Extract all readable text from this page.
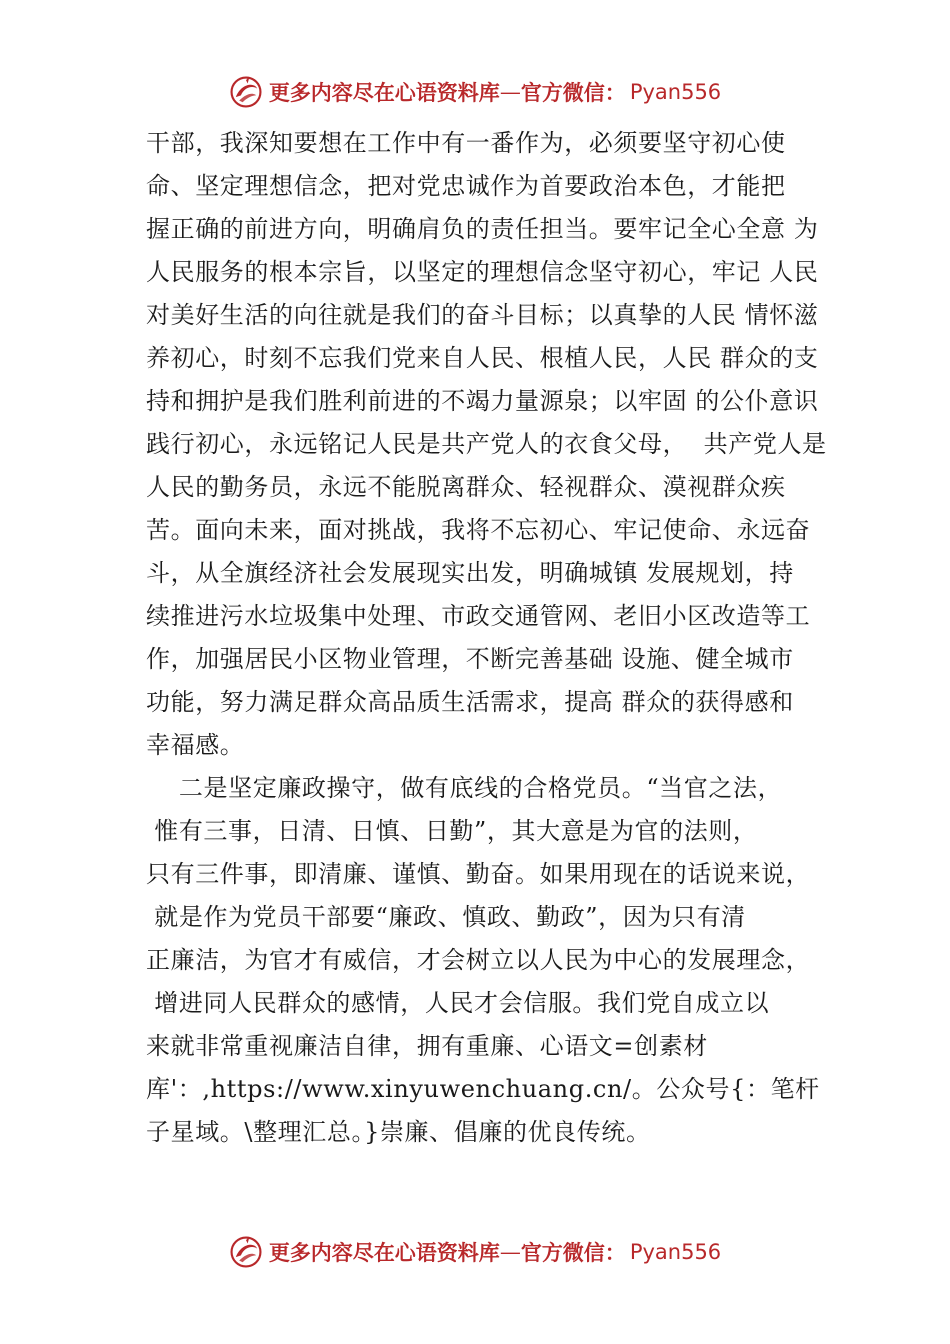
更多内容尽在心语资料库 — 官方微信： Pyan556
干部，我深知要想在工作中有一番作为，必须要坚守初心使
命、坚定理想信念，把对党忠诚作为首要政治本色，才能把
握正确的前进方向，明确肩负的责任担当。要牢记全心全意 为
人民服务的根本宗旨，以坚定的理想信念坚守初心，牢记 人民
对美好生活的向往就是我们的奋斗目标；以真挚的人民 情怀滋
养初心，时刻不忘我们党来自人民、根植人民，人民 群众的支
持和拥护是我们胜利前进的不竭力量源泉；以牢固 的公仆意识
践行初心，永远铭记人民是共产党人的衣食父母，  共产党人是
人民的勤务员，永远不能脱离群众、轻视群众、漠视群众疾
苦。面向未来，面对挑战，我将不忘初心、牢记使命、永远奋
斗，从全旗经济社会发展现实出发，明确城镇 发展规划，持
续推进污水垃圾集中处理、市政交通管网、老旧小区改造等工
作，加强居民小区物业管理，不断完善基础 设施、健全城市
功能，努力满足群众高品质生活需求，提高 群众的获得感和
幸福感。
二是坚定廉政操守，做有底线的合格党员。“当官之法，
惟有三事，日清、日慎、日勤”，其大意是为官的法则，
只有三件事，即清廉、谨慎、勤奋。如果用现在的话说来说，
就是作为党员干部要“廉政、慎政、勤政”，因为只有清
正廉洁，为官才有威信，才会树立以人民为中心的发展理念，
增进同人民群众的感情，人民才会信服。我们党自成立以
来就非常重视廉洁自律，拥有重廉、心语文=创素材
库'：,https://www.xinyuwenchuang.cn/。公众号{：笔杆
子星域。\整理汇总。}崇廉、倡廉的优良传统。
更多内容尽在心语资料库 — 官方微信： Pyan556
